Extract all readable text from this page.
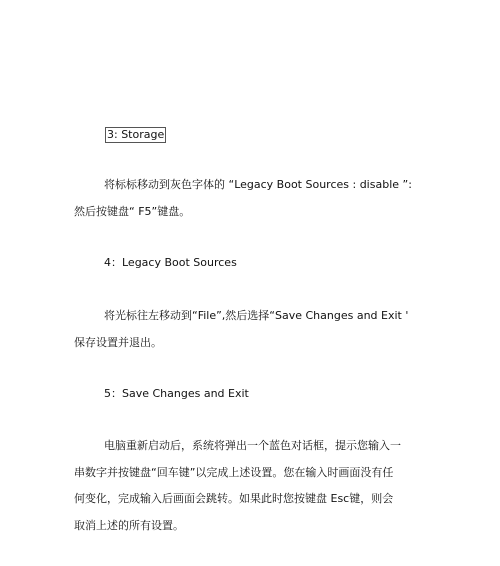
3: Storage
将标标移动到灰色字体的 “Legacy Boot Sources : disable ”:
然后按键盘“ F5”键盘。
4：Legacy Boot Sources
将光标往左移动到“File”,然后选择“Save Changes and Exit '
保存设置并退出。
5：Save Changes and Exit
电脑重新启动后，系统将弹出一个蓝色对话框，提示您输入一
串数字并按键盘“回车键”以完成上述设置。您在输入时画面没有任
何变化，完成输入后画面会跳转。如果此时您按键盘 Esc键，则会
取消上述的所有设置。
